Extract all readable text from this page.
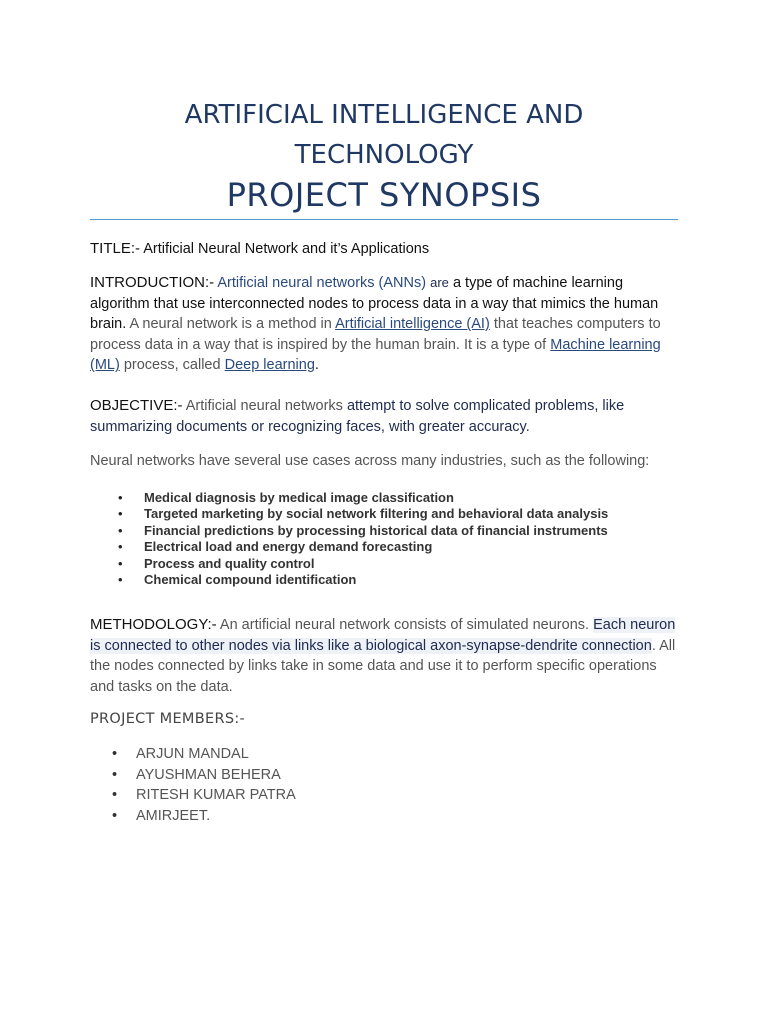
ARTIFICIAL INTELLIGENCE AND
TECHNOLOGY
PROJECT SYNOPSIS

TITLE:- Artificial Neural Network and it’s Applications

INTRODUCTION:- Artificial neural networks (ANNs) are a type of machine learning algorithm that use interconnected nodes to process data in a way that mimics the human brain. A neural network is a method in Artificial intelligence (AI) that teaches computers to process data in a way that is inspired by the human brain. It is a type of Machine learning (ML) process, called Deep learning.

OBJECTIVE:- Artificial neural networks attempt to solve complicated problems, like summarizing documents or recognizing faces, with greater accuracy.

Neural networks have several use cases across many industries, such as the following:

• Medical diagnosis by medical image classification
• Targeted marketing by social network filtering and behavioral data analysis
• Financial predictions by processing historical data of financial instruments
• Electrical load and energy demand forecasting
• Process and quality control
• Chemical compound identification

METHODOLOGY:- An artificial neural network consists of simulated neurons. Each neuron is connected to other nodes via links like a biological axon-synapse-dendrite connection. All the nodes connected by links take in some data and use it to perform specific operations and tasks on the data.

PROJECT MEMBERS:-

• ARJUN MANDAL
• AYUSHMAN BEHERA
• RITESH KUMAR PATRA
• AMIRJEET.
